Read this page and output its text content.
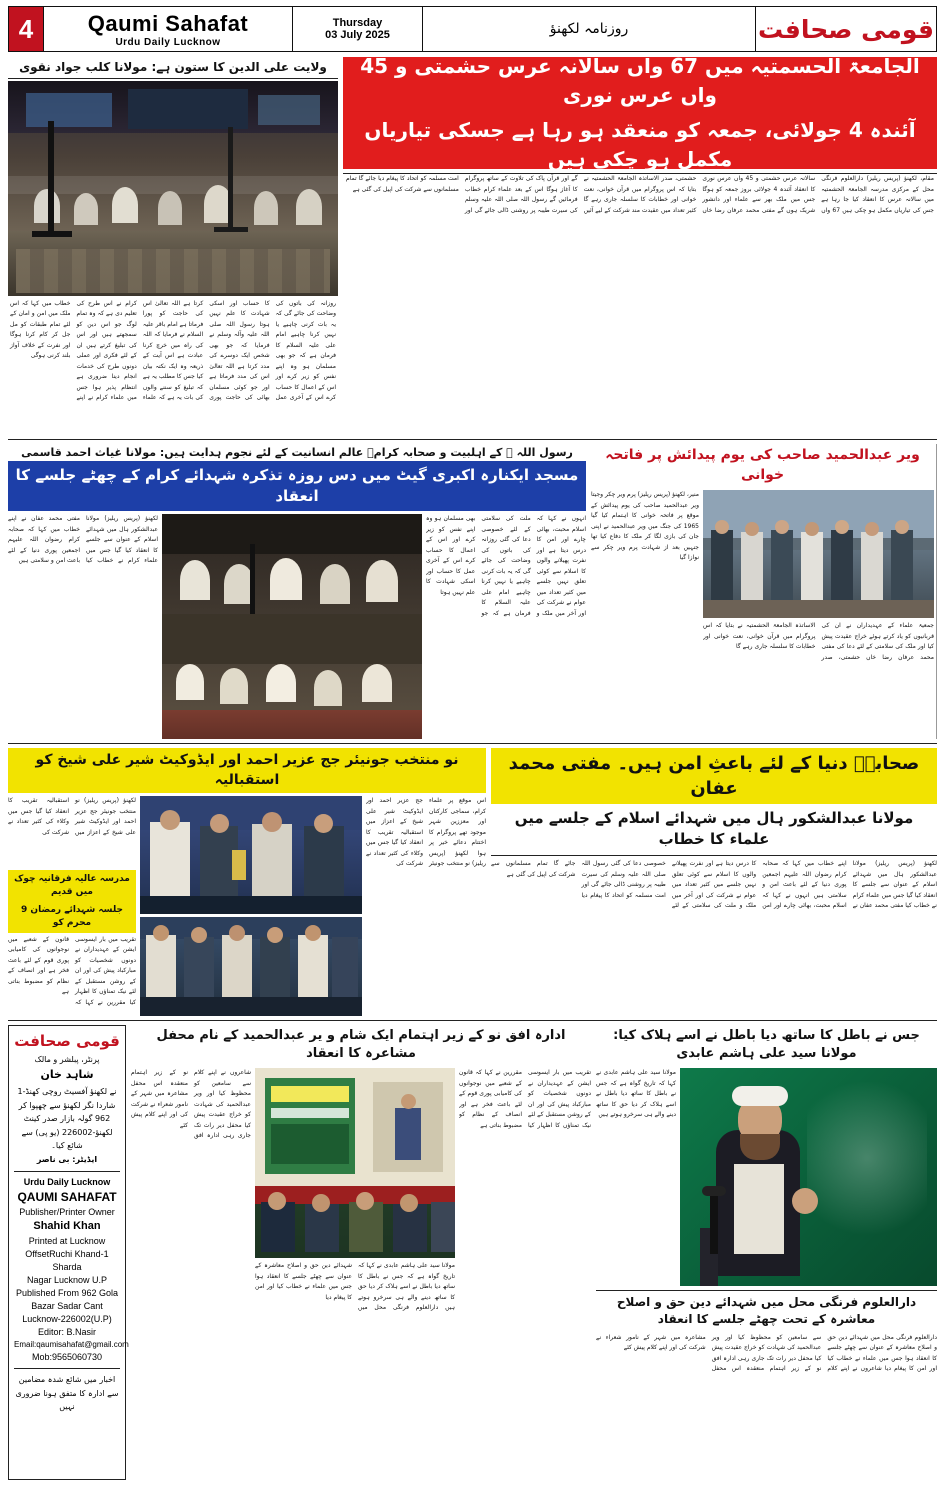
4	Qaumi Sahafat
Urdu Daily Lucknow
Thursday
03 July 2025	روزنامہ لکھنؤ	قومی صحافت
ولایت علی الدین کا ستون ہے: مولانا کلب جواد نقوی
روزانہ کی باتوں کی وضاحت کی جائے گی کہ یہ بات کرنی چاہیے یا نہیں کرنا چاہیے امام علی علیہ السلام کا فرمان ہے کہ جو بھی مسلمان ہو وہ اپنے نفس کو زیر کرے اور اس کے اعمال کا حساب کرے اس کے آخری عمل کا حساب اور اسکی شہادت کا علم نہیں ہوتا رسول اللہ صلی اللہ علیہ وآلہ وسلم نے فرمایا کہ جو بھی شخص ایک دوسرے کی مدد کرتا ہے اللہ تعالیٰ اس کی مدد فرماتا ہے اور جو کوئی مسلمان بھائی کی حاجت پوری کرتا ہے اللہ تعالیٰ اس کی حاجت کو پورا فرماتا ہے امام باقر علیہ السلام نے فرمایا کہ اللہ کی راہ میں خرچ کرنا عبادت ہے اس آیت کے ذریعہ وہ ایک نکتہ بیان کیا جس کا مطلب یہ ہے کہ تبلیغ کو سننے والوں کی بات یہ ہے کہ علماء کرام نے اس طرح کی تعلیم دی ہے کہ وہ تمام لوگ جو اس دین کو سمجھتے ہیں اور اس کی تبلیغ کرتے ہیں ان کے لئے فکری اور عملی دونوں طرح کی خدمات انجام دینا ضروری ہے انتظام پذیر ہوا جس میں علماء کرام نے اپنے خطاب میں کہا کہ اس ملک میں امن و امان کے لئے تمام طبقات کو مل جل کر کام کرنا ہوگا اور نفرت کے خلاف آواز بلند کرنی ہوگی
الجامعۃ الحسمتیہ میں 67 واں سالانہ عرس حشمتی و 45 واں عرس نوری
آئندہ 4 جولائی، جمعہ کو منعقد ہو رہا ہے جسکی تیاریاں مکمل ہو چکی ہیں
مقام، لکھنؤ (پریس ریلیز) دارالعلوم فرنگی محل کے مرکزی مدرسہ الجامعۃ الحشمتیہ میں سالانہ عرس کا انعقاد کیا جا رہا ہے جس کی تیاریاں مکمل ہو چکی ہیں 67 واں سالانہ عرس حشمتی و 45 واں عرس نوری کا انعقاد آئندہ 4 جولائی بروز جمعہ کو ہوگا جس میں ملک بھر سے علماء اور دانشور شریک ہوں گے مفتی محمد عرفان رضا خاں حشمتی، صدر الاساتذہ الجامعۃ الحشمتیہ نے بتایا کہ اس پروگرام میں قرآن خوانی، نعت خوانی اور خطابات کا سلسلہ جاری رہے گا کثیر تعداد میں عقیدت مند شرکت کے لیے آئیں گے اور قرآن پاک کی تلاوت کے ساتھ پروگرام کا آغاز ہوگا اس کے بعد علماء کرام خطاب فرمائیں گے رسول اللہ صلی اللہ علیہ وسلم کی سیرت طیبہ پر روشنی ڈالی جائے گی اور امت مسلمہ کو اتحاد کا پیغام دیا جائے گا تمام مسلمانوں سے شرکت کی اپیل کی گئی ہے
رسول اللہ ﷺ کے اہلبیت و صحابہ کرامؓ عالم انسانیت کے لئے نجوم ہدایت ہیں: مولانا غیاث احمد قاسمی
مسجد ایکنارہ اکبری گیٹ میں دس روزہ تذکرہ شہدائے کرام کے چھٹے جلسے کا انعقاد
لکھنؤ (پریس ریلیز) مولانا عبدالشکور ہال میں شہدائے اسلام کے عنوان سے جلسے کا انعقاد کیا گیا جس میں علماء کرام نے خطاب کیا مفتی محمد عفان نے اپنے خطاب میں کہا کہ صحابہ کرام رضوان اللہ علیہم اجمعین پوری دنیا کے لئے باعث امن و سلامتی ہیں
انہوں نے کہا کہ اسلام محبت، بھائی چارے اور امن کا درس دیتا ہے اور نفرت پھیلانے والوں کا اسلام سے کوئی تعلق نہیں جلسے میں کثیر تعداد میں عوام نے شرکت کی اور آخر میں ملک و ملت کی سلامتی کے لئے خصوصی دعا کی گئی روزانہ کی باتوں کی وضاحت کی جائے گی کہ یہ بات کرنی چاہیے یا نہیں کرنا چاہیے امام علی علیہ السلام کا فرمان ہے کہ جو بھی مسلمان ہو وہ اپنے نفس کو زیر کرے اور اس کے اعمال کا حساب کرے اس کے آخری عمل کا حساب اور اسکی شہادت کا علم نہیں ہوتا
ویر عبدالحمید صاحب کی یوم پیدائش پر فاتحہ خوانی
منیر، لکھنؤ (پریس ریلیز) پرم ویر چکر وجیتا ویر عبدالحمید صاحب کی یوم پیدائش کے موقع پر فاتحہ خوانی کا اہتمام کیا گیا 1965 کی جنگ میں ویر عبدالحمید نے اپنی جان کی بازی لگا کر ملک کا دفاع کیا تھا جنہیں بعد از شہادت پرم ویر چکر سے نوازا گیا
جمعیۃ علماء کے عہدیداران نے ان کی قربانیوں کو یاد کرتے ہوئے خراج عقیدت پیش کیا اور ملک کی سلامتی کے لئے دعا کی مفتی محمد عرفان رضا خاں حشمتی، صدر الاساتذہ الجامعۃ الحشمتیہ نے بتایا کہ اس پروگرام میں قرآن خوانی، نعت خوانی اور خطابات کا سلسلہ جاری رہے گا
نو منتخب جونیئر جج عزیر احمد اور ایڈوکیٹ شیر علی شیخ کو استقبالیہ
لکھنؤ (پریس ریلیز) نو منتخب جونیئر جج عزیر احمد اور ایڈوکیٹ شیر علی شیخ کے اعزاز میں استقبالیہ تقریب کا انعقاد کیا گیا جس میں وکلاء کی کثیر تعداد نے شرکت کی
مدرسہ عالیہ فرقانیہ چوک میں قدیم
جلسہ شہدائے رمضان 9 محرم کو
تقریب میں بار ایسوسی ایشن کے عہدیداران نے دونوں شخصیات کو مبارکباد پیش کی اور ان کے روشن مستقبل کے لئے نیک تمناؤں کا اظہار کیا مقررین نے کہا کہ قانون کے شعبے میں نوجوانوں کی کامیابی پوری قوم کے لئے باعث فخر ہے اور انصاف کے نظام کو مضبوط بناتی ہے
اس موقع پر علماء کرام، سماجی کارکنان اور معززین شہر موجود تھے پروگرام کا اختتام دعائے خیر پر ہوا لکھنؤ (پریس ریلیز) نو منتخب جونیئر جج عزیر احمد اور ایڈوکیٹ شیر علی شیخ کے اعزاز میں استقبالیہ تقریب کا انعقاد کیا گیا جس میں وکلاء کی کثیر تعداد نے شرکت کی
صحابہؓ دنیا کے لئے باعثِ امن ہیں۔ مفتی محمد عفان
مولانا عبدالشکور ہال میں شہدائے اسلام کے جلسے میں علماء کا خطاب
لکھنؤ (پریس ریلیز) مولانا عبدالشکور ہال میں شہدائے اسلام کے عنوان سے جلسے کا انعقاد کیا گیا جس میں علماء کرام نے خطاب کیا مفتی محمد عفان نے اپنے خطاب میں کہا کہ صحابہ کرام رضوان اللہ علیہم اجمعین پوری دنیا کے لئے باعث امن و سلامتی ہیں انہوں نے کہا کہ اسلام محبت، بھائی چارے اور امن کا درس دیتا ہے اور نفرت پھیلانے والوں کا اسلام سے کوئی تعلق نہیں جلسے میں کثیر تعداد میں عوام نے شرکت کی اور آخر میں ملک و ملت کی سلامتی کے لئے خصوصی دعا کی گئی رسول اللہ صلی اللہ علیہ وسلم کی سیرت طیبہ پر روشنی ڈالی جائے گی اور امت مسلمہ کو اتحاد کا پیغام دیا جائے گا تمام مسلمانوں سے شرکت کی اپیل کی گئی ہے
قومی صحافت
پرنٹر، پبلشر و مالک
شاہد خان
نے لکھنؤ آفسیٹ روچی کھنڈ-1 شاردا نگر لکھنؤ سے چھپوا کر 962 گولہ بازار صدر کینٹ لکھنؤ-226002 (یو پی) سے شائع کیا۔
ایڈیٹر: بی ناصر
Urdu Daily Lucknow
QAUMI SAHAFAT
Publisher/Printer Owner
Shahid Khan
Printed at Lucknow
OffsetRuchi Khand-1 Sharda
Nagar Lucknow U.P
Published From 962 Gola
Bazar Sadar Cant
Lucknow-226002(U.P)
Editor: B.Nasir
Email:qaumisahafat@gmail.com
Mob:9565060730
اخبار میں شائع شدہ مضامین سے ادارہ کا متفق ہونا ضروری نہیں
ادارہ افق نو کے زیر اہتمام ایک شام و یر عبدالحمید کے نام محفل مشاعرہ کا انعقاد
شاعروں نے اپنے کلام سے سامعین کو محظوظ کیا اور ویر عبدالحمید کی شہادت کو خراج عقیدت پیش کیا محفل دیر رات تک جاری رہی ادارہ افق نو کے زیر اہتمام منعقدہ اس محفل مشاعرہ میں شہر کے نامور شعراء نے شرکت کی اور اپنے کلام پیش کئے
مولانا سید علی ہاشم عابدی نے کہا کہ تاریخ گواہ ہے کہ جس نے باطل کا ساتھ دیا باطل نے اسے ہلاک کر دیا حق کا ساتھ دینے والے ہی سرخرو ہوتے ہیں دارالعلوم فرنگی محل میں شہدائے دین حق و اصلاح معاشرہ کے عنوان سے چھٹے جلسے کا انعقاد ہوا جس میں علماء نے خطاب کیا اور امن کا پیغام دیا
تقریب میں بار ایسوسی ایشن کے عہدیداران نے دونوں شخصیات کو مبارکباد پیش کی اور ان کے روشن مستقبل کے لئے نیک تمناؤں کا اظہار کیا مقررین نے کہا کہ قانون کے شعبے میں نوجوانوں کی کامیابی پوری قوم کے لئے باعث فخر ہے اور انصاف کے نظام کو مضبوط بناتی ہے
جس نے باطل کا ساتھ دیا باطل نے اسے ہلاک کیا: مولانا سید علی ہاشم عابدی
مولانا سید علی ہاشم عابدی نے کہا کہ تاریخ گواہ ہے کہ جس نے باطل کا ساتھ دیا باطل نے اسے ہلاک کر دیا حق کا ساتھ دینے والے ہی سرخرو ہوتے ہیں
دارالعلوم فرنگی محل میں شہدائے دین حق و اصلاح معاشرہ کے تحت چھٹے جلسے کا انعقاد
دارالعلوم فرنگی محل میں شہدائے دین حق و اصلاح معاشرہ کے عنوان سے چھٹے جلسے کا انعقاد ہوا جس میں علماء نے خطاب کیا اور امن کا پیغام دیا شاعروں نے اپنے کلام سے سامعین کو محظوظ کیا اور ویر عبدالحمید کی شہادت کو خراج عقیدت پیش کیا محفل دیر رات تک جاری رہی ادارہ افق نو کے زیر اہتمام منعقدہ اس محفل مشاعرہ میں شہر کے نامور شعراء نے شرکت کی اور اپنے کلام پیش کئے
